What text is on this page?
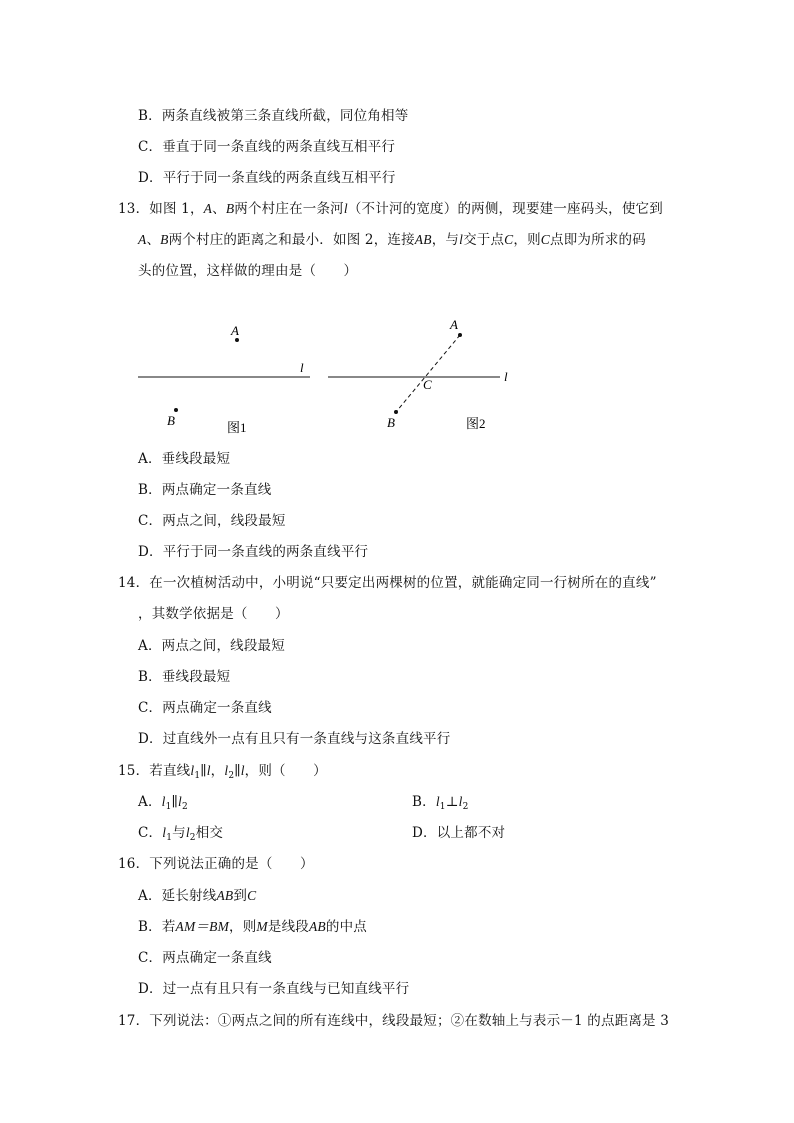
B．两条直线被第三条直线所截，同位角相等
C．垂直于同一条直线的两条直线互相平行
D．平行于同一条直线的两条直线互相平行
13．如图 1，A、B两个村庄在一条河l（不计河的宽度）的两侧，现要建一座码头，使它到
A、B两个村庄的距离之和最小．如图 2，连接AB，与l交于点C，则C点即为所求的码
头的位置，这样做的理由是（　　）
A
B
l
图1
A
B
C
l
图2
A．垂线段最短
B．两点确定一条直线
C．两点之间，线段最短
D．平行于同一条直线的两条直线平行
14．在一次植树活动中，小明说“只要定出两棵树的位置，就能确定同一行树所在的直线”
，其数学依据是（　　）
A．两点之间，线段最短
B．垂线段最短
C．两点确定一条直线
D．过直线外一点有且只有一条直线与这条直线平行
15．若直线$l_1\parallel l$，$l_2\parallel l$，则（　　）
A．$l_1\parallel l_2$	B．$l_1\perp l_2$
C．$l_1$与$l_2$相交	D．以上都不对
16．下列说法正确的是（　　）
A．延长射线AB到C
B．若AM＝BM，则M是线段AB的中点
C．两点确定一条直线
D．过一点有且只有一条直线与已知直线平行
17．下列说法：①两点之间的所有连线中，线段最短；②在数轴上与表示－1 的点距离是 3
